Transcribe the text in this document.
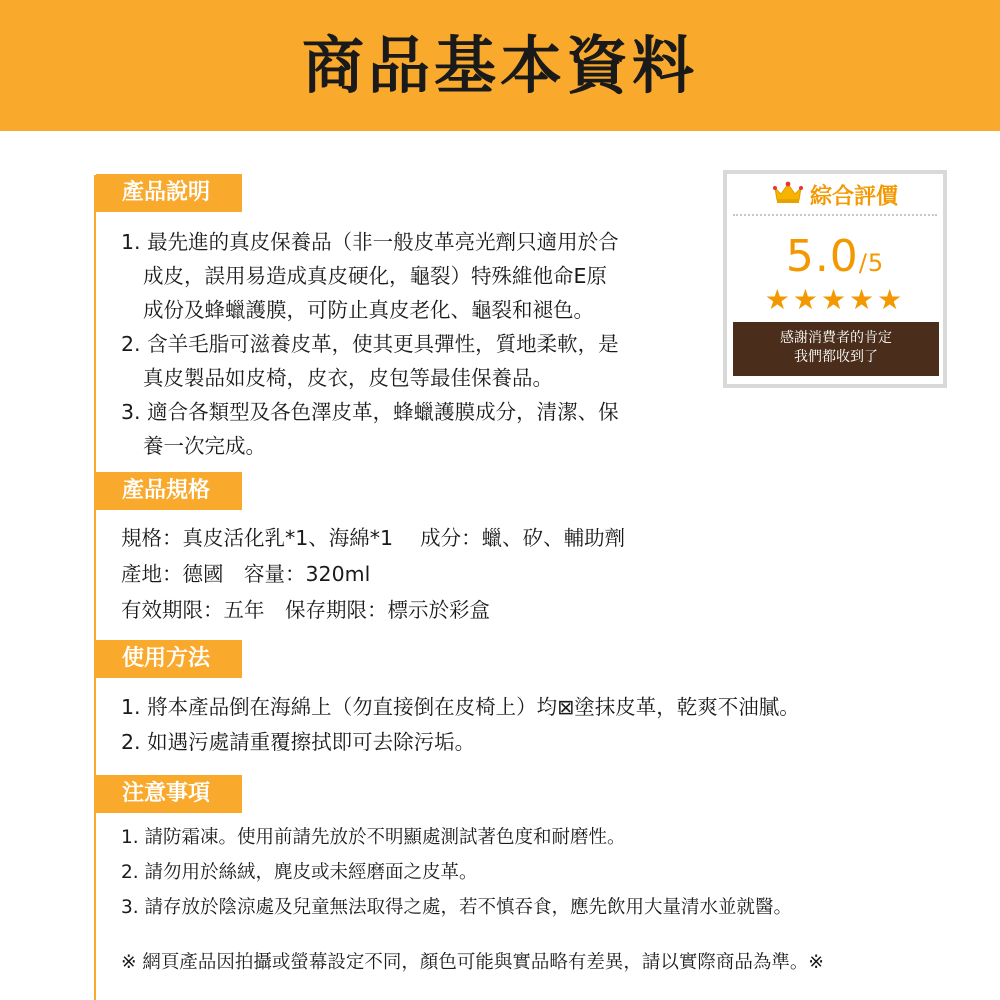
商品基本資料
產品說明
1. 最先進的真皮保養品（非一般皮革亮光劑只適用於合
成皮，誤用易造成真皮硬化，龜裂）特殊維他命E原
成份及蜂蠟護膜，可防止真皮老化、龜裂和褪色。
2. 含羊毛脂可滋養皮革，使其更具彈性，質地柔軟，是
真皮製品如皮椅，皮衣，皮包等最佳保養品。
3. 適合各類型及各色澤皮革，蜂蠟護膜成分，清潔、保
養一次完成。
綜合評價
5.0/5
★★★★★
感謝消費者的肯定
我們都收到了
產品規格
規格：真皮活化乳*1、海綿*1　 成分：蠟、矽、輔助劑
產地：德國　容量：320ml
有效期限：五年　保存期限：標示於彩盒
使用方法
1. 將本產品倒在海綿上（勿直接倒在皮椅上）均⊠塗抹皮革，乾爽不油膩。
2. 如遇污處請重覆擦拭即可去除污垢。
注意事項
1. 請防霜凍。使用前請先放於不明顯處測試著色度和耐磨性。
2. 請勿用於絲絨，麂皮或未經磨面之皮革。
3. 請存放於陰涼處及兒童無法取得之處，若不慎吞食，應先飲用大量清水並就醫。
※ 網頁產品因拍攝或螢幕設定不同，顏色可能與實品略有差異，請以實際商品為準。※
